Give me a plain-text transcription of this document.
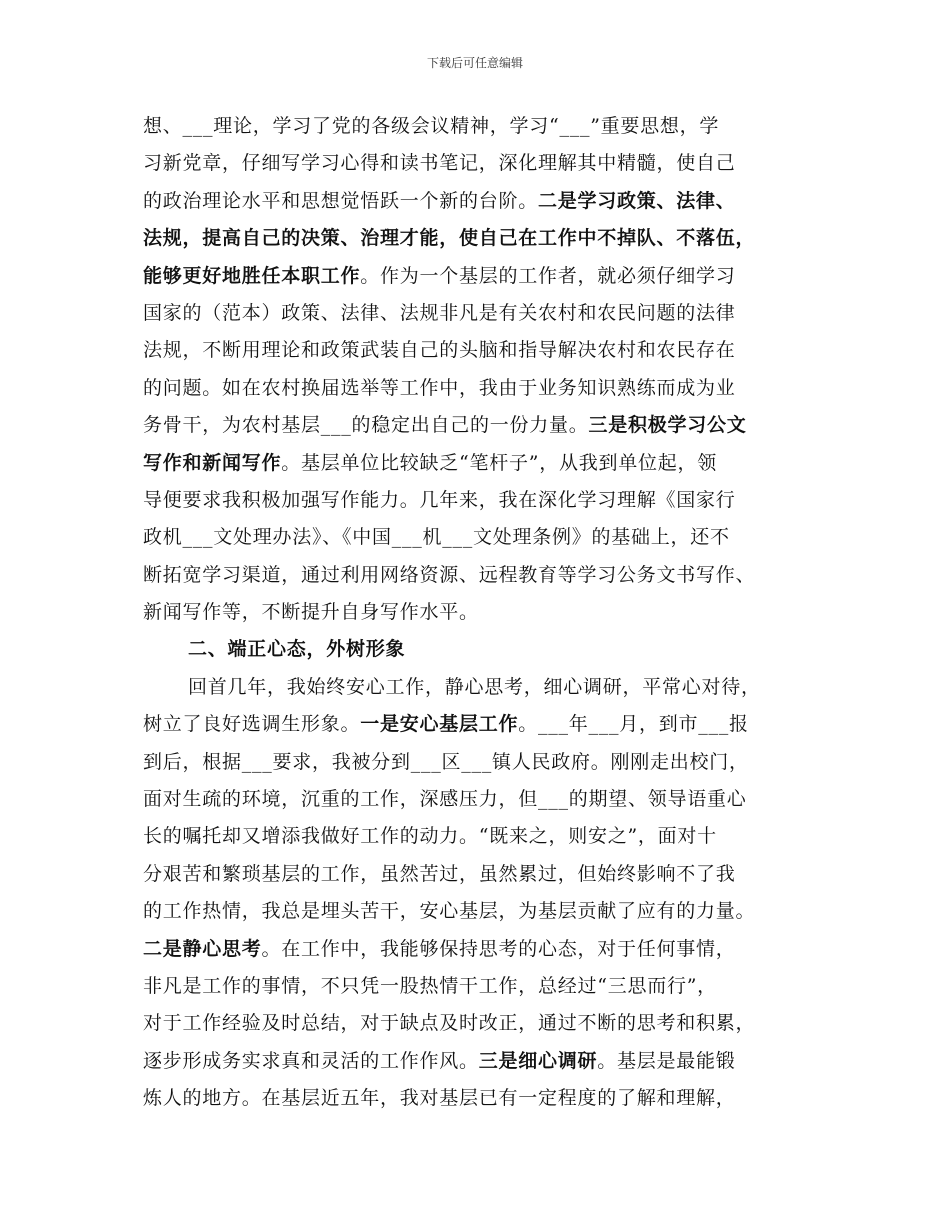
下载后可任意编辑
想、___理论，学习了党的各级会议精神，学习“___”重要思想，学
习新党章，仔细写学习心得和读书笔记，深化理解其中精髓，使自己
的政治理论水平和思想觉悟跃一个新的台阶。二是学习政策、法律、
法规，提高自己的决策、治理才能，使自己在工作中不掉队、不落伍，
能够更好地胜任本职工作。作为一个基层的工作者，就必须仔细学习
国家的（范本）政策、法律、法规非凡是有关农村和农民问题的法律
法规，不断用理论和政策武装自己的头脑和指导解决农村和农民存在
的问题。如在农村换届选举等工作中，我由于业务知识熟练而成为业
务骨干，为农村基层___的稳定出自己的一份力量。三是积极学习公文
写作和新闻写作。基层单位比较缺乏“笔杆子”，从我到单位起，领
导便要求我积极加强写作能力。几年来，我在深化学习理解《国家行
政机___文处理办法》、《中国___机___文处理条例》的基础上，还不
断拓宽学习渠道，通过利用网络资源、远程教育等学习公务文书写作、
新闻写作等，不断提升自身写作水平。
二、端正心态，外树形象
回首几年，我始终安心工作，静心思考，细心调研，平常心对待，
树立了良好选调生形象。一是安心基层工作。___年___月，到市___报
到后，根据___要求，我被分到___区___镇人民政府。刚刚走出校门，
面对生疏的环境，沉重的工作，深感压力，但___的期望、领导语重心
长的嘱托却又增添我做好工作的动力。“既来之，则安之”，面对十
分艰苦和繁琐基层的工作，虽然苦过，虽然累过，但始终影响不了我
的工作热情，我总是埋头苦干，安心基层，为基层贡献了应有的力量。
二是静心思考。在工作中，我能够保持思考的心态，对于任何事情，
非凡是工作的事情，不只凭一股热情干工作，总经过“三思而行”，
对于工作经验及时总结，对于缺点及时改正，通过不断的思考和积累，
逐步形成务实求真和灵活的工作作风。三是细心调研。基层是最能锻
炼人的地方。在基层近五年，我对基层已有一定程度的了解和理解，
